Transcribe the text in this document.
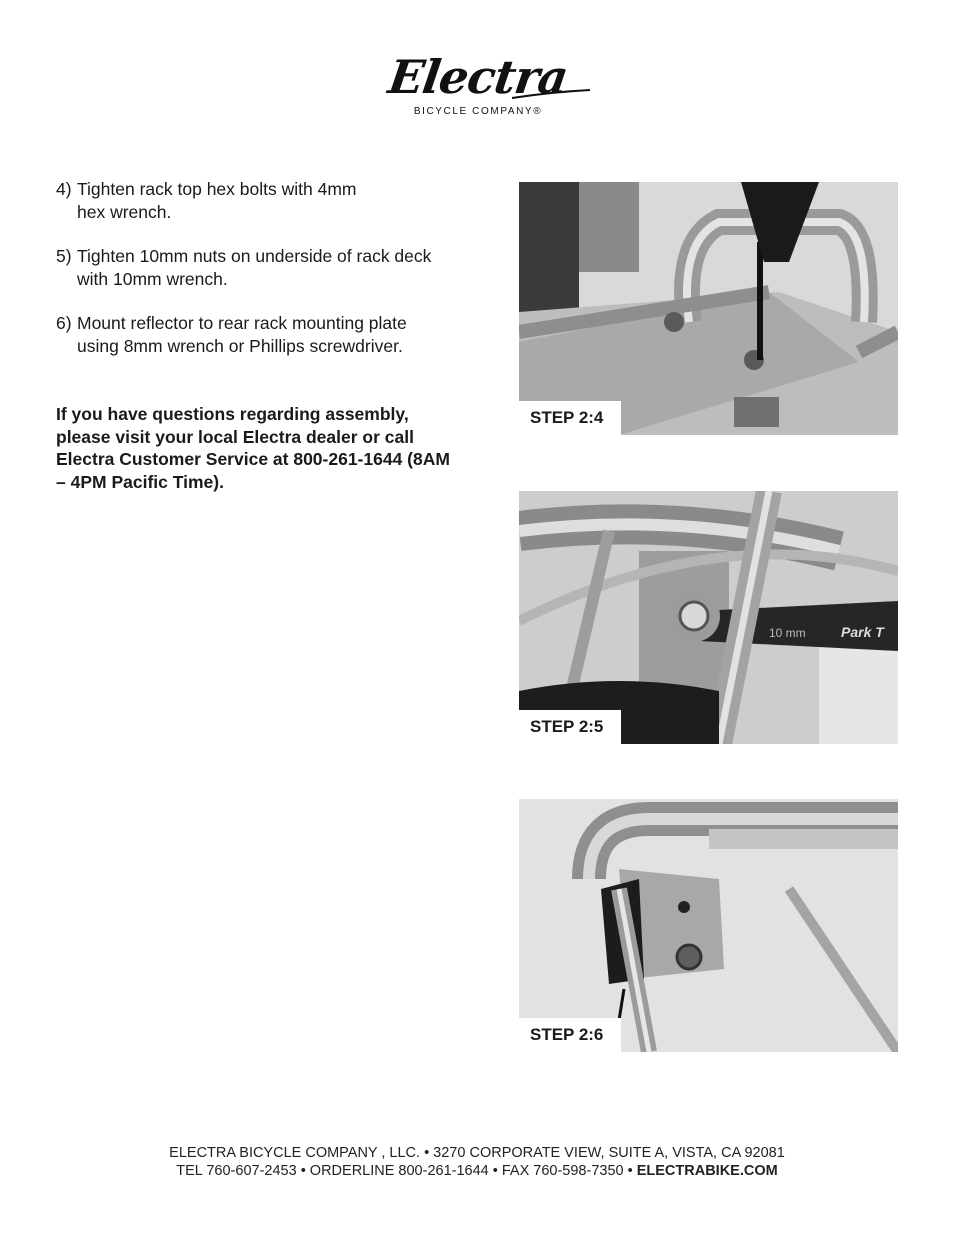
Electra
BICYCLE COMPANY®
4) Tighten rack top hex bolts with 4mm hex wrench.
5) Tighten 10mm nuts on underside of rack deck with 10mm wrench.
6) Mount reflector to rear rack mounting plate using 8mm wrench or Phillips screwdriver.
If you have questions regarding assembly, please visit your local Electra dealer or call Electra Customer Service at 800-261-1644 (8AM – 4PM Pacific Time).
STEP 2:4
10 mm	Park T
STEP 2:5
STEP 2:6
ELECTRA BICYCLE COMPANY , LLC. • 3270 CORPORATE VIEW, SUITE A, VISTA, CA 92081
TEL 760-607-2453 • ORDERLINE 800-261-1644 • FAX 760-598-7350 • ELECTRABIKE.COM
